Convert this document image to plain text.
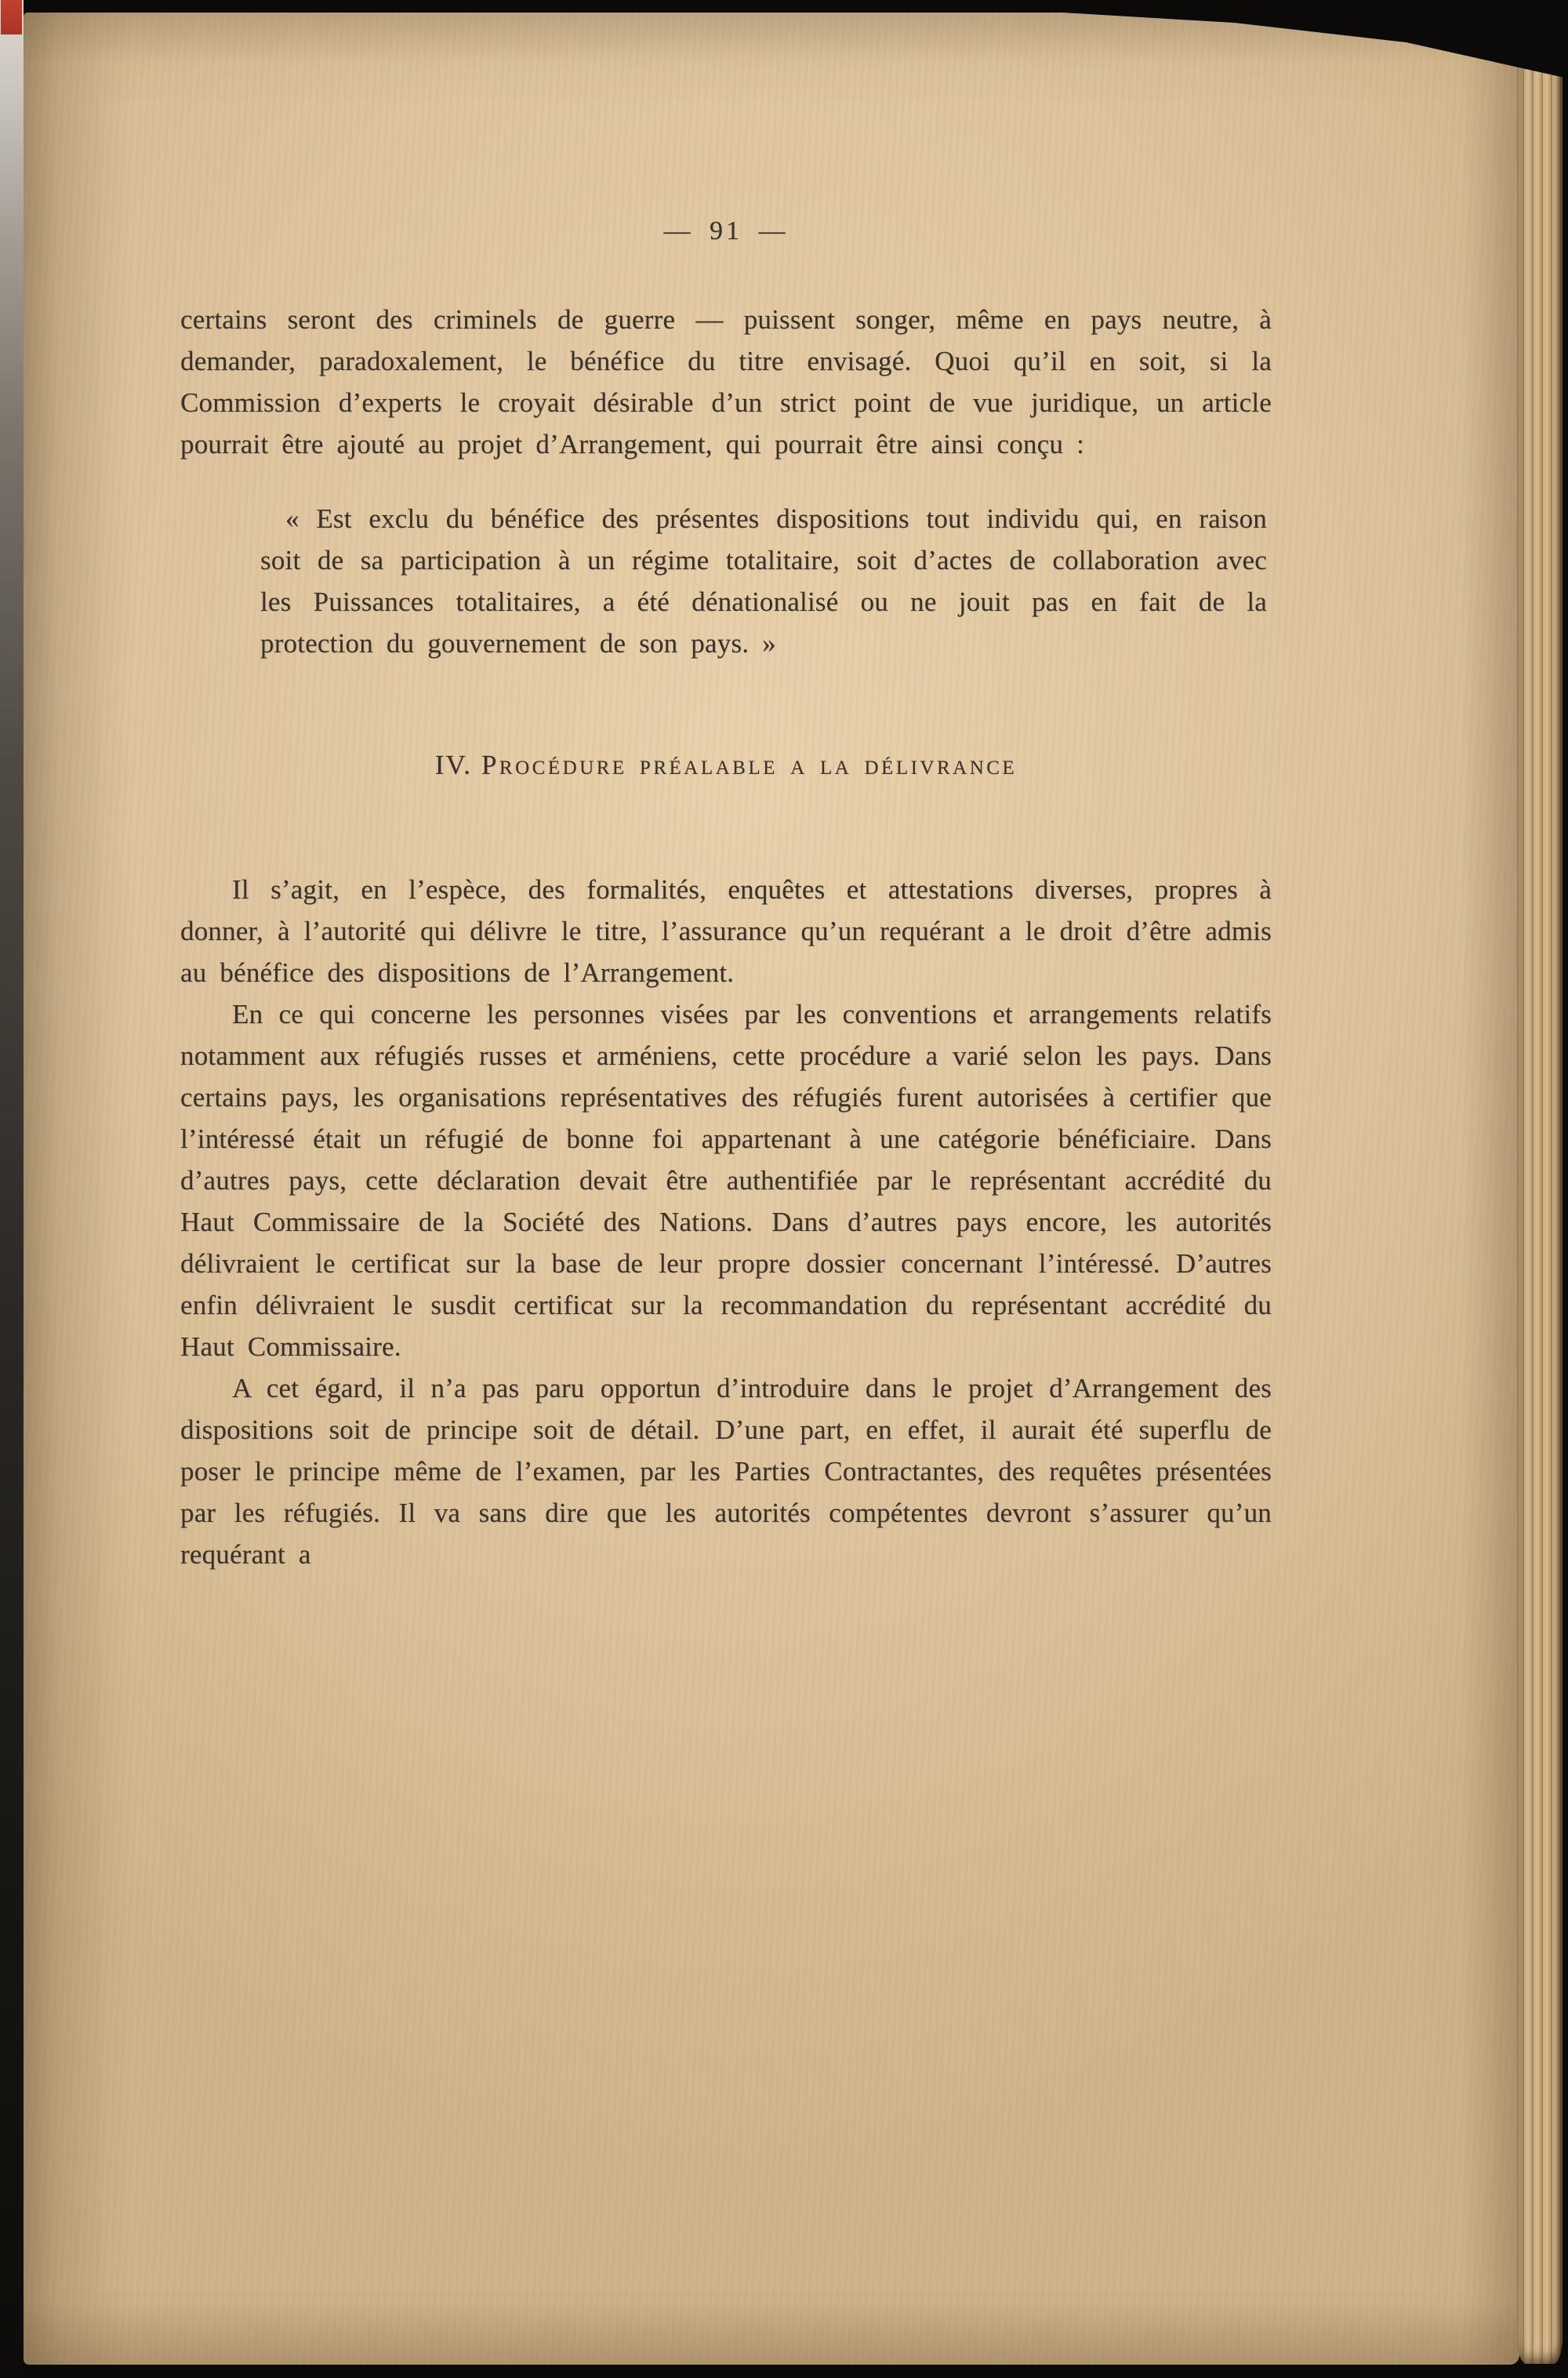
— 91 —

certains seront des criminels de guerre — puissent songer, même en pays neutre, à demander, paradoxalement, le bénéfice du titre envisagé. Quoi qu’il en soit, si la Commission d’experts le croyait désirable d’un strict point de vue juridique, un article pourrait être ajouté au projet d’Arrangement, qui pourrait être ainsi conçu :

« Est exclu du bénéfice des présentes dispositions tout individu qui, en raison soit de sa participation à un régime totalitaire, soit d’actes de collaboration avec les Puissances totalitaires, a été dénationalisé ou ne jouit pas en fait de la protection du gouvernement de son pays. »
IV. Procédure préalable a la délivrance

Il s’agit, en l’espèce, des formalités, enquêtes et attestations diverses, propres à donner, à l’autorité qui délivre le titre, l’assurance qu’un requérant a le droit d’être admis au bénéfice des dispositions de l’Arrangement.

En ce qui concerne les personnes visées par les conventions et arrangements relatifs notamment aux réfugiés russes et arméniens, cette procédure a varié selon les pays. Dans certains pays, les organisations représentatives des réfugiés furent autorisées à certifier que l’intéressé était un réfugié de bonne foi appartenant à une catégorie bénéficiaire. Dans d’autres pays, cette déclaration devait être authentifiée par le représentant accrédité du Haut Commissaire de la Société des Nations. Dans d’autres pays encore, les autorités délivraient le certificat sur la base de leur propre dossier concernant l’intéressé. D’autres enfin délivraient le susdit certificat sur la recommandation du représentant accrédité du Haut Commissaire.

A cet égard, il n’a pas paru opportun d’introduire dans le projet d’Arrangement des dispositions soit de principe soit de détail. D’une part, en effet, il aurait été superflu de poser le principe même de l’examen, par les Parties Contractantes, des requêtes présentées par les réfugiés. Il va sans dire que les autorités compétentes devront s’assurer qu’un requérant a
